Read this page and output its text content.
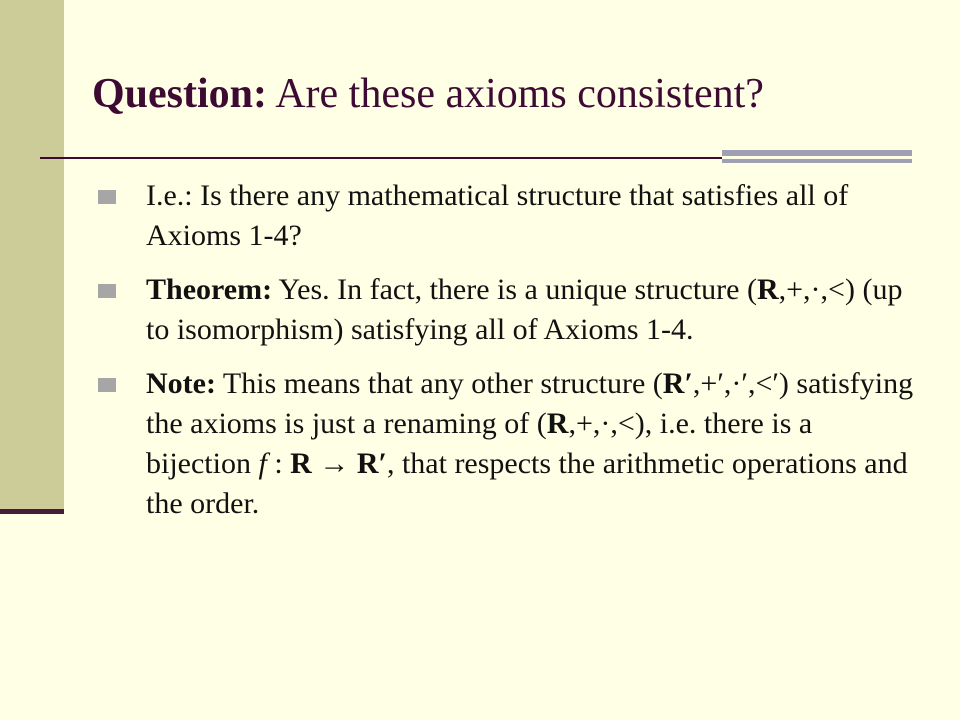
Question: Are these axioms consistent?
I.e.: Is there any mathematical structure that satisfies all of Axioms 1-4?
Theorem: Yes. In fact, there is a unique structure (R,+,·,<) (up to isomorphism) satisfying all of Axioms 1-4.
Note: This means that any other structure (R′,+′,·′,<′) satisfying the axioms is just a renaming of (R,+,·,<), i.e. there is a bijection f : R → R′, that respects the arithmetic operations and the order.
